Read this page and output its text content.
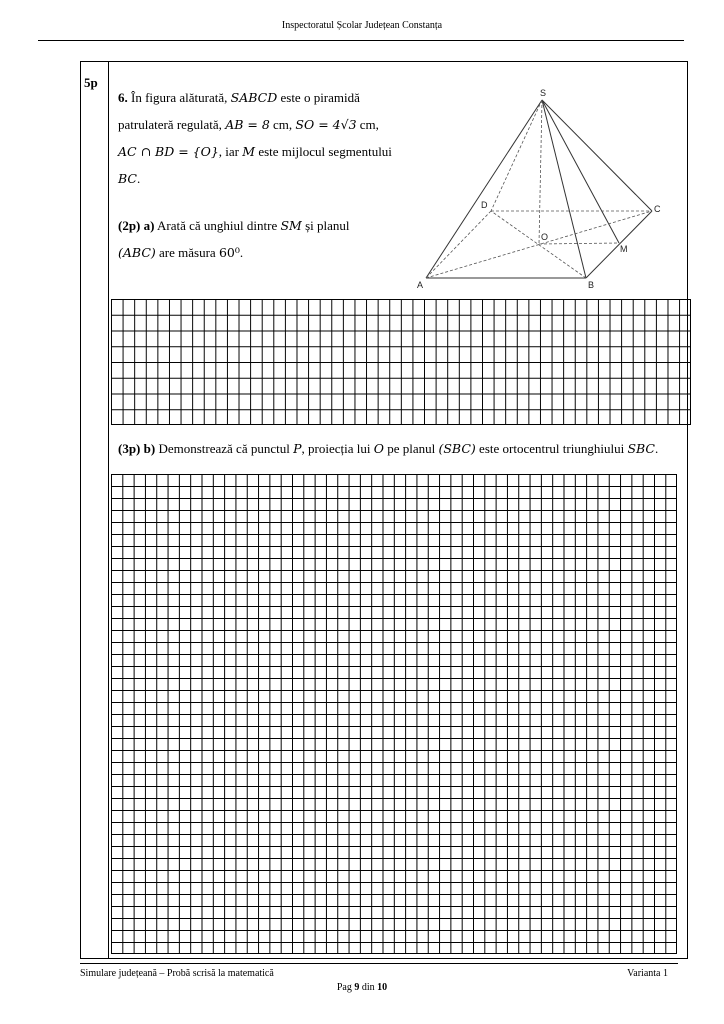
Inspectoratul Școlar Județean Constanța
5p
6. În figura alăturată, SABCD este o piramidă patrulateră regulată, AB = 8 cm, SO = 4√3 cm,
AC ∩ BD = {O}, iar M este mijlocul segmentului BC.
(2p) a) Arată că unghiul dintre SM și planul
(ABC) are măsura 60⁰.
S
D	C
O
M
A	B
(3p) b) Demonstrează că punctul P, proiecția lui O pe planul (SBC) este ortocentrul triunghiului SBC.
Simulare județeană – Probă scrisă la matematică	Varianta 1
Pag 9 din 10
